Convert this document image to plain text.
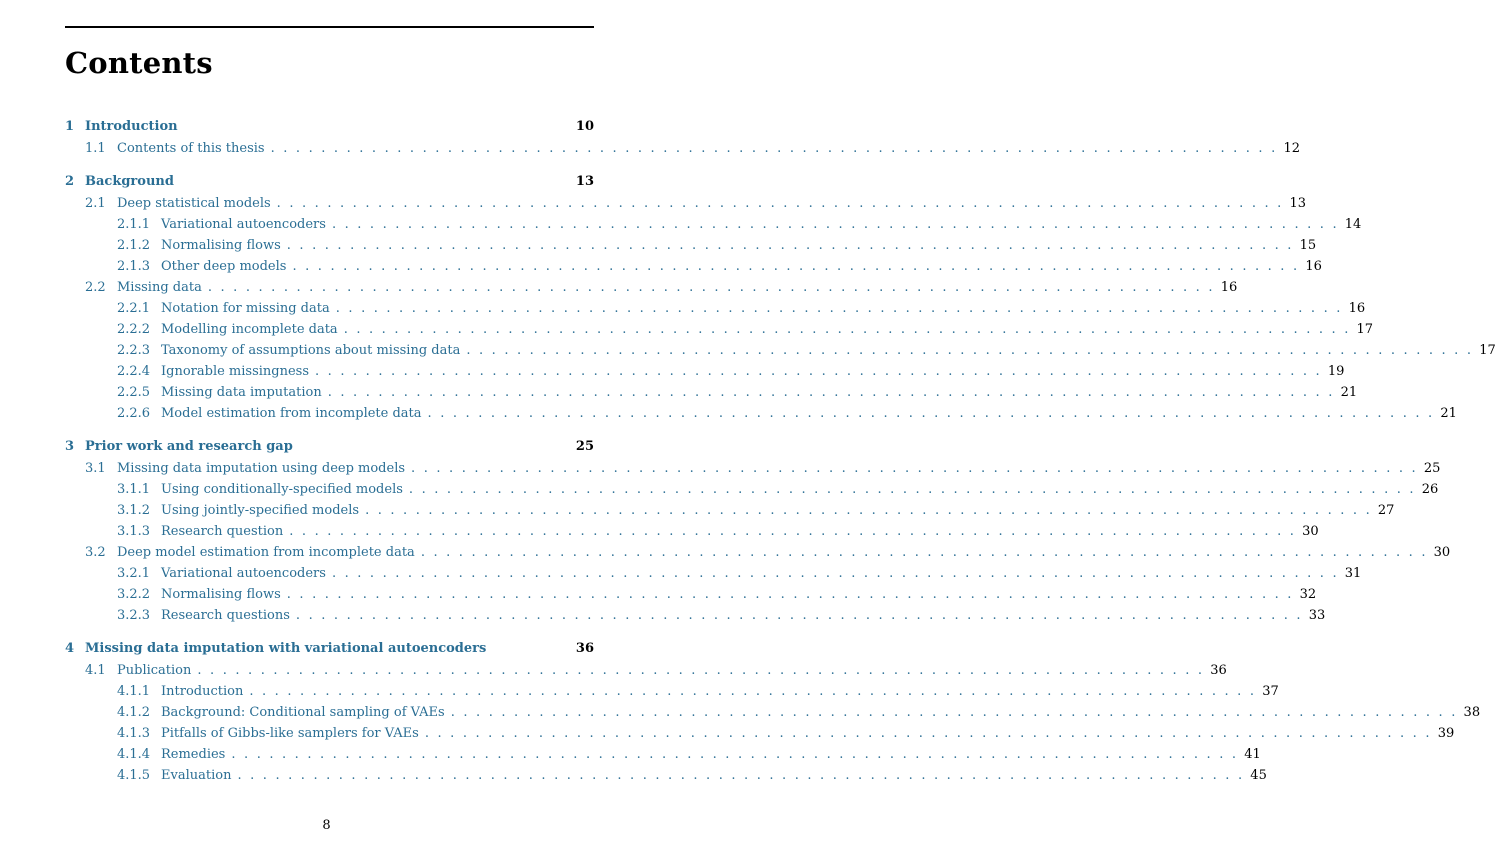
Contents
1 Introduction	10
1.1 Contents of this thesis . . . . . . . . . . . . . . . . . . . . . . . . . . . . . . . . . . . . . . . . . . . . . . . . . . . . . . . . . . . . . . . . . . . . . . . . . . . . . . . . 12
2 Background	13
2.1 Deep statistical models . . . . . . . . . . . . . . . . . . . . . . . . . . . . . . . . . . . . . . . . . . . . . . . . . . . . . . . . . . . . . . . . . . . . . . . . . . . . . . . . 13
2.1.1 Variational autoencoders . . . . . . . . . . . . . . . . . . . . . . . . . . . . . . . . . . . . . . . . . . . . . . . . . . . . . . . . . . . . . . . . . . . . . . . . . . . . . . . . 14
2.1.2 Normalising flows . . . . . . . . . . . . . . . . . . . . . . . . . . . . . . . . . . . . . . . . . . . . . . . . . . . . . . . . . . . . . . . . . . . . . . . . . . . . . . . . 15
2.1.3 Other deep models . . . . . . . . . . . . . . . . . . . . . . . . . . . . . . . . . . . . . . . . . . . . . . . . . . . . . . . . . . . . . . . . . . . . . . . . . . . . . . . . 16
2.2 Missing data . . . . . . . . . . . . . . . . . . . . . . . . . . . . . . . . . . . . . . . . . . . . . . . . . . . . . . . . . . . . . . . . . . . . . . . . . . . . . . . . 16
2.2.1 Notation for missing data . . . . . . . . . . . . . . . . . . . . . . . . . . . . . . . . . . . . . . . . . . . . . . . . . . . . . . . . . . . . . . . . . . . . . . . . . . . . . . . . 16
2.2.2 Modelling incomplete data . . . . . . . . . . . . . . . . . . . . . . . . . . . . . . . . . . . . . . . . . . . . . . . . . . . . . . . . . . . . . . . . . . . . . . . . . . . . . . . . 17
2.2.3 Taxonomy of assumptions about missing data . . . . . . . . . . . . . . . . . . . . . . . . . . . . . . . . . . . . . . . . . . . . . . . . . . . . . . . . . . . . . . . . . . . . . . . . . . . . . . . . 17
2.2.4 Ignorable missingness . . . . . . . . . . . . . . . . . . . . . . . . . . . . . . . . . . . . . . . . . . . . . . . . . . . . . . . . . . . . . . . . . . . . . . . . . . . . . . . . 19
2.2.5 Missing data imputation . . . . . . . . . . . . . . . . . . . . . . . . . . . . . . . . . . . . . . . . . . . . . . . . . . . . . . . . . . . . . . . . . . . . . . . . . . . . . . . . 21
2.2.6 Model estimation from incomplete data . . . . . . . . . . . . . . . . . . . . . . . . . . . . . . . . . . . . . . . . . . . . . . . . . . . . . . . . . . . . . . . . . . . . . . . . . . . . . . . . 21
3 Prior work and research gap	25
3.1 Missing data imputation using deep models . . . . . . . . . . . . . . . . . . . . . . . . . . . . . . . . . . . . . . . . . . . . . . . . . . . . . . . . . . . . . . . . . . . . . . . . . . . . . . . . 25
3.1.1 Using conditionally-specified models . . . . . . . . . . . . . . . . . . . . . . . . . . . . . . . . . . . . . . . . . . . . . . . . . . . . . . . . . . . . . . . . . . . . . . . . . . . . . . . . 26
3.1.2 Using jointly-specified models . . . . . . . . . . . . . . . . . . . . . . . . . . . . . . . . . . . . . . . . . . . . . . . . . . . . . . . . . . . . . . . . . . . . . . . . . . . . . . . . 27
3.1.3 Research question . . . . . . . . . . . . . . . . . . . . . . . . . . . . . . . . . . . . . . . . . . . . . . . . . . . . . . . . . . . . . . . . . . . . . . . . . . . . . . . . 30
3.2 Deep model estimation from incomplete data . . . . . . . . . . . . . . . . . . . . . . . . . . . . . . . . . . . . . . . . . . . . . . . . . . . . . . . . . . . . . . . . . . . . . . . . . . . . . . . . 30
3.2.1 Variational autoencoders . . . . . . . . . . . . . . . . . . . . . . . . . . . . . . . . . . . . . . . . . . . . . . . . . . . . . . . . . . . . . . . . . . . . . . . . . . . . . . . . 31
3.2.2 Normalising flows . . . . . . . . . . . . . . . . . . . . . . . . . . . . . . . . . . . . . . . . . . . . . . . . . . . . . . . . . . . . . . . . . . . . . . . . . . . . . . . . 32
3.2.3 Research questions . . . . . . . . . . . . . . . . . . . . . . . . . . . . . . . . . . . . . . . . . . . . . . . . . . . . . . . . . . . . . . . . . . . . . . . . . . . . . . . . 33
4 Missing data imputation with variational autoencoders	36
4.1 Publication . . . . . . . . . . . . . . . . . . . . . . . . . . . . . . . . . . . . . . . . . . . . . . . . . . . . . . . . . . . . . . . . . . . . . . . . . . . . . . . . 36
4.1.1 Introduction . . . . . . . . . . . . . . . . . . . . . . . . . . . . . . . . . . . . . . . . . . . . . . . . . . . . . . . . . . . . . . . . . . . . . . . . . . . . . . . . 37
4.1.2 Background: Conditional sampling of VAEs . . . . . . . . . . . . . . . . . . . . . . . . . . . . . . . . . . . . . . . . . . . . . . . . . . . . . . . . . . . . . . . . . . . . . . . . . . . . . . . . 38
4.1.3 Pitfalls of Gibbs-like samplers for VAEs . . . . . . . . . . . . . . . . . . . . . . . . . . . . . . . . . . . . . . . . . . . . . . . . . . . . . . . . . . . . . . . . . . . . . . . . . . . . . . . . 39
4.1.4 Remedies . . . . . . . . . . . . . . . . . . . . . . . . . . . . . . . . . . . . . . . . . . . . . . . . . . . . . . . . . . . . . . . . . . . . . . . . . . . . . . . . 41
4.1.5 Evaluation . . . . . . . . . . . . . . . . . . . . . . . . . . . . . . . . . . . . . . . . . . . . . . . . . . . . . . . . . . . . . . . . . . . . . . . . . . . . . . . . 45
8
